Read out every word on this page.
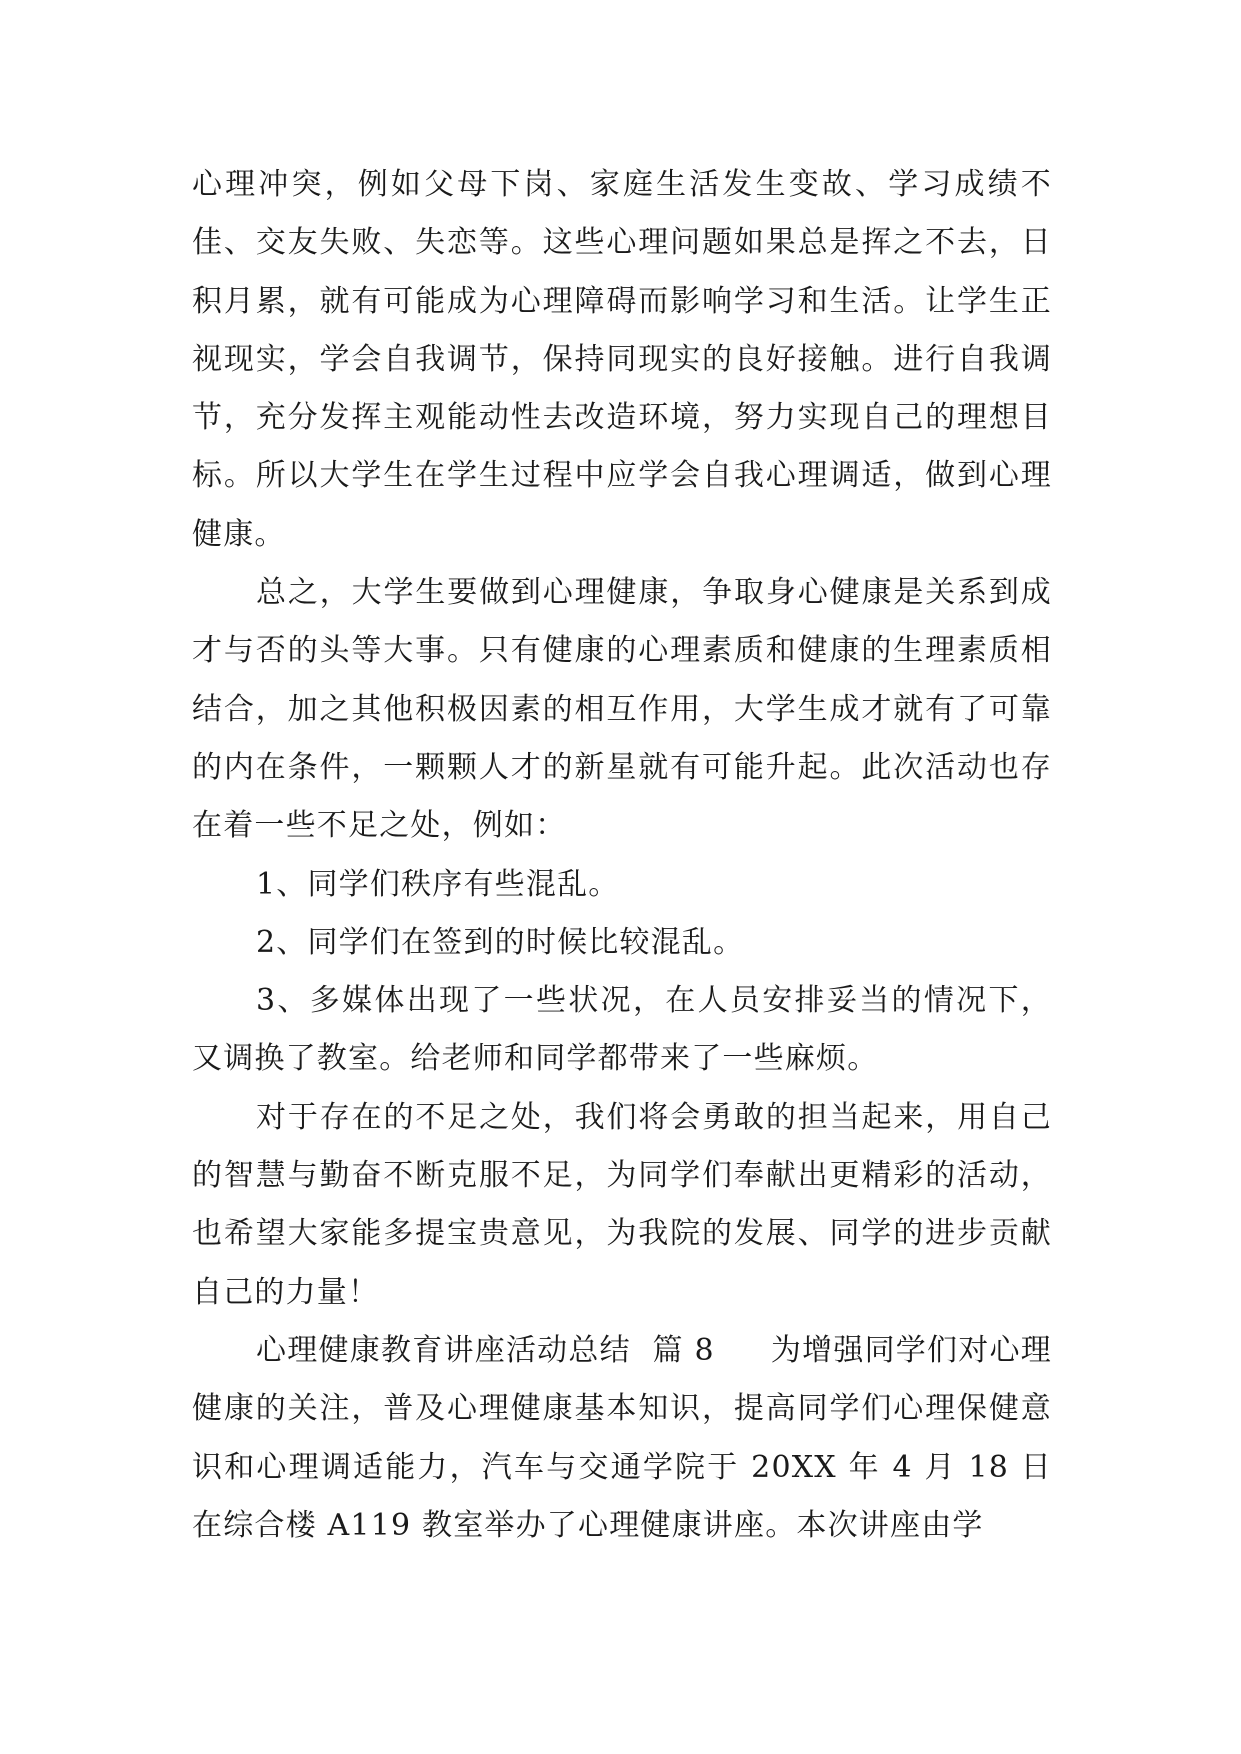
心理冲突，例如父母下岗、家庭生活发生变故、学习成绩不佳、交友失败、失恋等。这些心理问题如果总是挥之不去，日积月累，就有可能成为心理障碍而影响学习和生活。让学生正视现实，学会自我调节，保持同现实的良好接触。进行自我调节，充分发挥主观能动性去改造环境，努力实现自己的理想目标。所以大学生在学生过程中应学会自我心理调适，做到心理健康。

总之，大学生要做到心理健康，争取身心健康是关系到成才与否的头等大事。只有健康的心理素质和健康的生理素质相结合，加之其他积极因素的相互作用，大学生成才就有了可靠的内在条件，一颗颗人才的新星就有可能升起。此次活动也存在着一些不足之处，例如：

1、同学们秩序有些混乱。

2、同学们在签到的时候比较混乱。

3、多媒体出现了一些状况，在人员安排妥当的情况下，又调换了教室。给老师和同学都带来了一些麻烦。

对于存在的不足之处，我们将会勇敢的担当起来，用自己的智慧与勤奋不断克服不足，为同学们奉献出更精彩的活动，也希望大家能多提宝贵意见，为我院的发展、同学的进步贡献自己的力量！

心理健康教育讲座活动总结 篇 8 为增强同学们对心理健康的关注，普及心理健康基本知识，提高同学们心理保健意识和心理调适能力，汽车与交通学院于 20XX 年 4 月 18 日在综合楼 A119 教室举办了心理健康讲座。本次讲座由学
